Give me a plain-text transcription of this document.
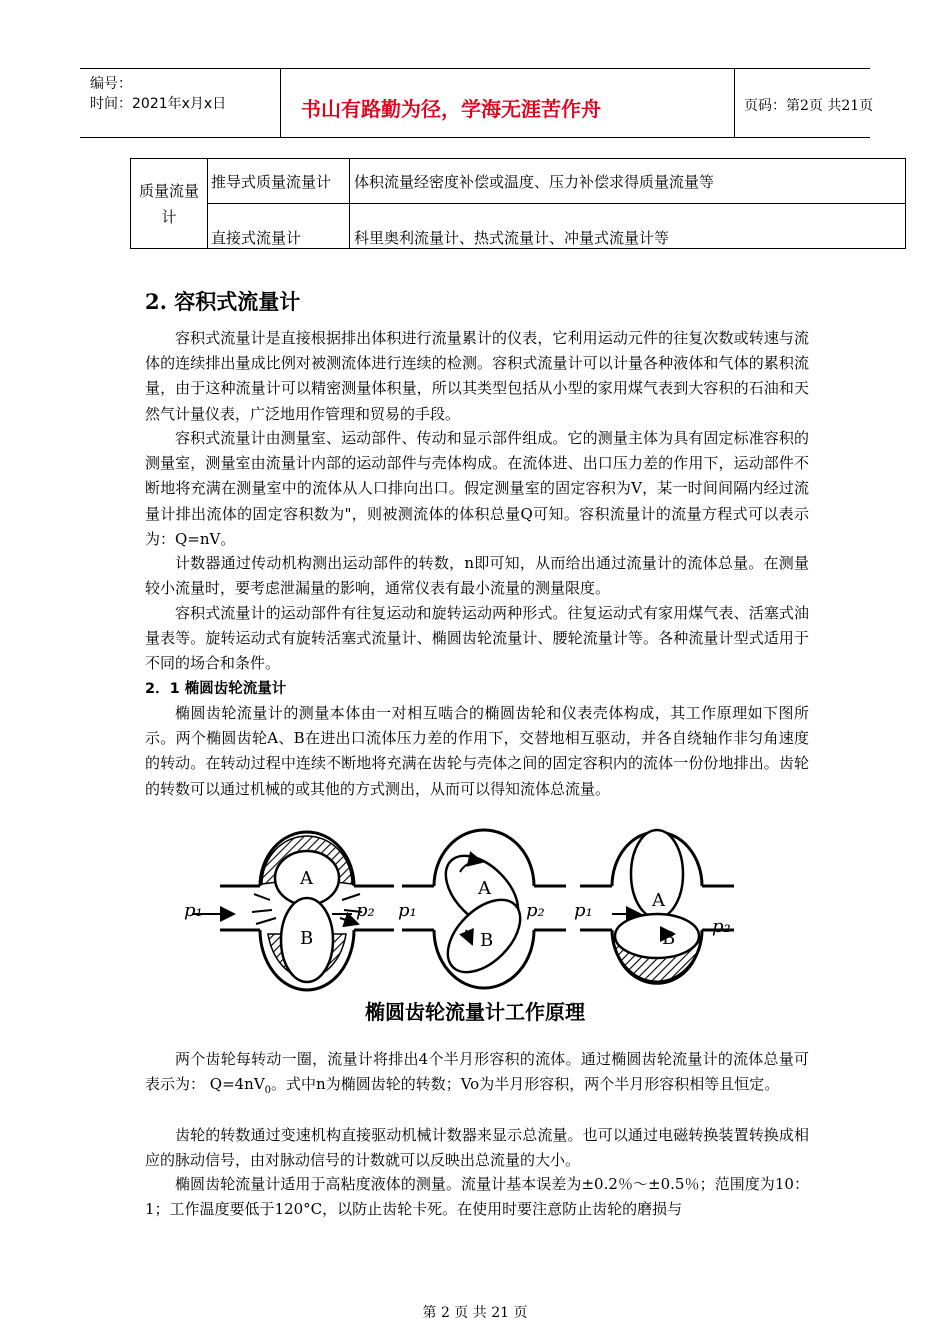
编号：
时间：2021年x月x日	书山有路勤为径，学海无涯苦作舟	页码：第2页 共21页
质量流量
计	推导式质量流量计	体积流量经密度补偿或温度、压力补偿求得质量流量等
	直接式流量计	科里奥利流量计、热式流量计、冲量式流量计等
2. 容积式流量计

容积式流量计是直接根据排出体积进行流量累计的仪表，它利用运动元件的往复次数或转速与流体的连续排出量成比例对被测流体进行连续的检测。容积式流量计可以计量各种液体和气体的累积流量，由于这种流量计可以精密测量体积量，所以其类型包括从小型的家用煤气表到大容积的石油和天然气计量仪表，广泛地用作管理和贸易的手段。

容积式流量计由测量室、运动部件、传动和显示部件组成。它的测量主体为具有固定标准容积的测量室，测量室由流量计内部的运动部件与壳体构成。在流体进、出口压力差的作用下，运动部件不断地将充满在测量室中的流体从人口排向出口。假定测量室的固定容积为V，某一时间间隔内经过流量计排出流体的固定容积数为"，则被测流体的体积总量Q可知。容积流量计的流量方程式可以表示为：Q=nV。

计数器通过传动机构测出运动部件的转数，n即可知，从而给出通过流量计的流体总量。在测量较小流量时，要考虑泄漏量的影响，通常仪表有最小流量的测量限度。

容积式流量计的运动部件有往复运动和旋转运动两种形式。往复运动式有家用煤气表、活塞式油量表等。旋转运动式有旋转活塞式流量计、椭圆齿轮流量计、腰轮流量计等。各种流量计型式适用于不同的场合和条件。

2．1 椭圆齿轮流量计

椭圆齿轮流量计的测量本体由一对相互啮合的椭圆齿轮和仪表壳体构成，其工作原理如下图所示。两个椭圆齿轮A、B在进出口流体压力差的作用下，交替地相互驱动，并各自绕轴作非匀角速度的转动。在转动过程中连续不断地将充满在齿轮与壳体之间的固定容积内的流体一份份地排出。齿轮的转数可以通过机械的或其他的方式测出，从而可以得知流体总流量。

A
B
p₁	p₂
A
B
p₁	p₂	A
B
p₁
p₂
椭圆齿轮流量计工作原理

两个齿轮每转动一圈，流量计将排出4个半月形容积的流体。通过椭圆齿轮流量计的流体总量可表示为： $Q=4nV_0$。式中n为椭圆齿轮的转数；Vo为半月形容积，两个半月形容积相等且恒定。

齿轮的转数通过变速机构直接驱动机械计数器来显示总流量。也可以通过电磁转换装置转换成相应的脉动信号，由对脉动信号的计数就可以反映出总流量的大小。

椭圆齿轮流量计适用于高粘度液体的测量。流量计基本误差为±0.2％～±0.5％；范围度为10：1；工作温度要低于120°C，以防止齿轮卡死。在使用时要注意防止齿轮的磨损与

第 2 页 共 21 页
